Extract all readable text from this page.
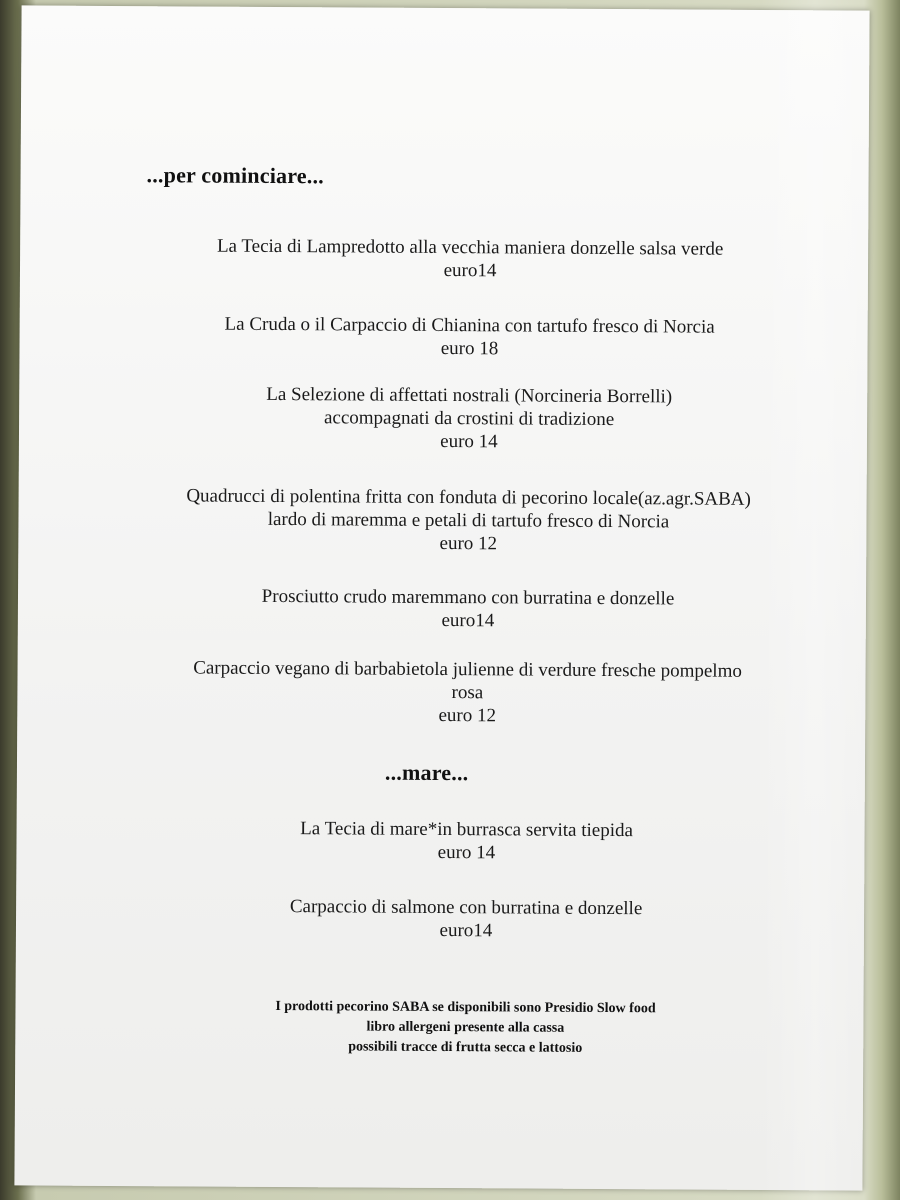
...per cominciare...
La Tecia di Lampredotto alla vecchia maniera donzelle salsa verde
euro14
La Cruda o il Carpaccio di Chianina con tartufo fresco di Norcia
euro 18
La Selezione di affettati nostrali (Norcineria Borrelli)
accompagnati da crostini di tradizione
euro 14
Quadrucci di polentina fritta con fonduta di pecorino locale(az.agr.SABA)
lardo di maremma e petali di tartufo fresco di Norcia
euro 12
Prosciutto crudo maremmano con burratina e donzelle
euro14
Carpaccio vegano di barbabietola julienne di verdure fresche pompelmo
rosa
euro 12
...mare...
La Tecia di mare*in burrasca servita tiepida
euro 14
Carpaccio di salmone con burratina e donzelle
euro14
I prodotti pecorino SABA se disponibili sono Presidio Slow food
libro allergeni presente alla cassa
possibili tracce di frutta secca e lattosio
